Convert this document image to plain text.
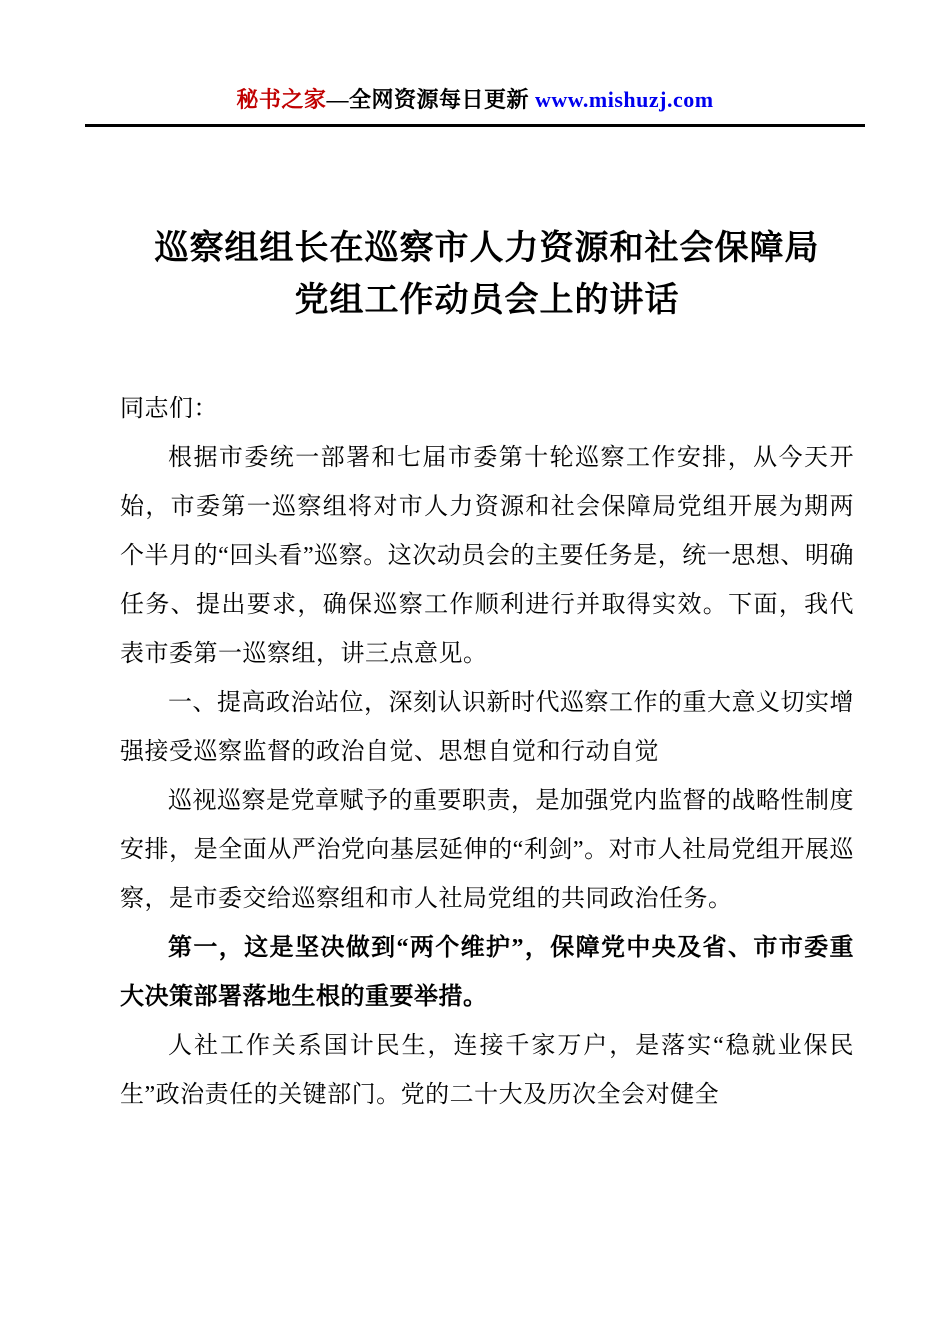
秘书之家—全网资源每日更新 www.mishuzj.com
巡察组组长在巡察市人力资源和社会保障局
党组工作动员会上的讲话

同志们：

根据市委统一部署和七届市委第十轮巡察工作安排，从今天开始，市委第一巡察组将对市人力资源和社会保障局党组开展为期两个半月的“回头看”巡察。这次动员会的主要任务是，统一思想、明确任务、提出要求，确保巡察工作顺利进行并取得实效。下面，我代表市委第一巡察组，讲三点意见。

一、提高政治站位，深刻认识新时代巡察工作的重大意义切实增强接受巡察监督的政治自觉、思想自觉和行动自觉

巡视巡察是党章赋予的重要职责，是加强党内监督的战略性制度安排，是全面从严治党向基层延伸的“利剑”。对市人社局党组开展巡察，是市委交给巡察组和市人社局党组的共同政治任务。

第一，这是坚决做到“两个维护”，保障党中央及省、市市委重大决策部署落地生根的重要举措。

人社工作关系国计民生，连接千家万户，是落实“稳就业保民生”政治责任的关键部门。党的二十大及历次全会对健全
